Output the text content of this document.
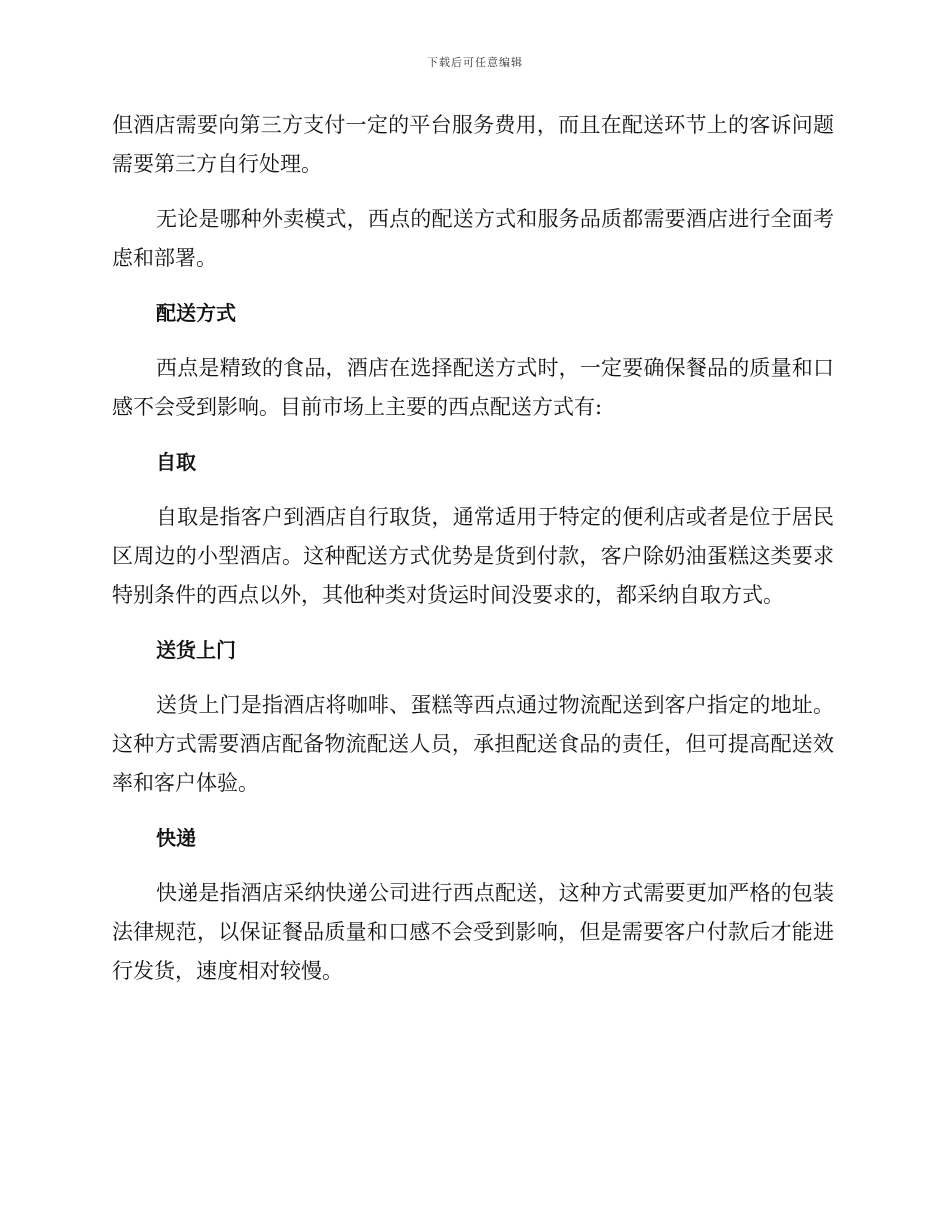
下载后可任意编辑

但酒店需要向第三方支付一定的平台服务费用，而且在配送环节上的客诉问题需要第三方自行处理。

无论是哪种外卖模式，西点的配送方式和服务品质都需要酒店进行全面考虑和部署。

配送方式

西点是精致的食品，酒店在选择配送方式时，一定要确保餐品的质量和口感不会受到影响。目前市场上主要的西点配送方式有:

自取

自取是指客户到酒店自行取货，通常适用于特定的便利店或者是位于居民区周边的小型酒店。这种配送方式优势是货到付款，客户除奶油蛋糕这类要求特别条件的西点以外，其他种类对货运时间没要求的，都采纳自取方式。

送货上门

送货上门是指酒店将咖啡、蛋糕等西点通过物流配送到客户指定的地址。这种方式需要酒店配备物流配送人员，承担配送食品的责任，但可提高配送效率和客户体验。

快递

快递是指酒店采纳快递公司进行西点配送，这种方式需要更加严格的包装法律规范，以保证餐品质量和口感不会受到影响，但是需要客户付款后才能进行发货，速度相对较慢。
